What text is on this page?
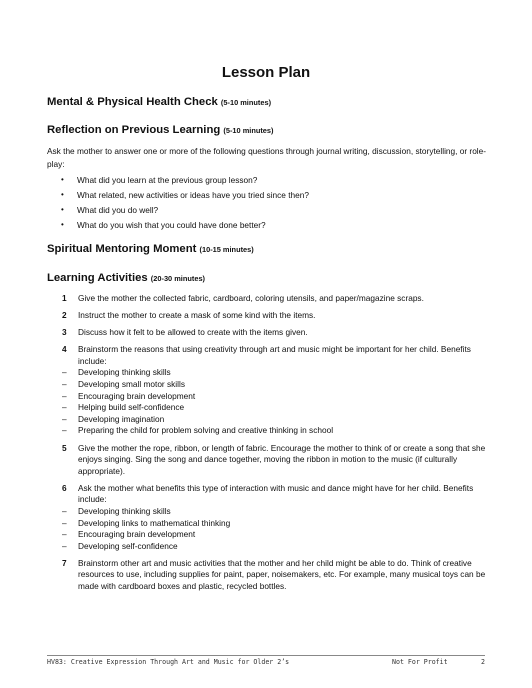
Lesson Plan
Mental & Physical Health Check (5-10 minutes)
Reflection on Previous Learning (5-10 minutes)

Ask the mother to answer one or more of the following questions through journal writing, discussion, storytelling, or role-play:

• What did you learn at the previous group lesson?
• What related, new activities or ideas have you tried since then?
• What did you do well?
• What do you wish that you could have done better?
Spiritual Mentoring Moment (10-15 minutes)
Learning Activities (20-30 minutes)
1 Give the mother the collected fabric, cardboard, coloring utensils, and paper/magazine scraps.
2 Instruct the mother to create a mask of some kind with the items.
3 Discuss how it felt to be allowed to create with the items given.
4 Brainstorm the reasons that using creativity through art and music might be important for her child. Benefits include:
– Developing thinking skills
– Developing small motor skills
– Encouraging brain development
– Helping build self-confidence
– Developing imagination
– Preparing the child for problem solving and creative thinking in school
5 Give the mother the rope, ribbon, or length of fabric. Encourage the mother to think of or create a song that she enjoys singing. Sing the song and dance together, moving the ribbon in motion to the music (if culturally appropriate).
6 Ask the mother what benefits this type of interaction with music and dance might have for her child. Benefits include:
– Developing thinking skills
– Developing links to mathematical thinking
– Encouraging brain development
– Developing self-confidence
7 Brainstorm other art and music activities that the mother and her child might be able to do. Think of creative resources to use, including supplies for paint, paper, noisemakers, etc. For example, many musical toys can be made with cardboard boxes and plastic, recycled bottles.
HV83: Creative Expression Through Art and Music for Older 2’s	Not For Profit	2
